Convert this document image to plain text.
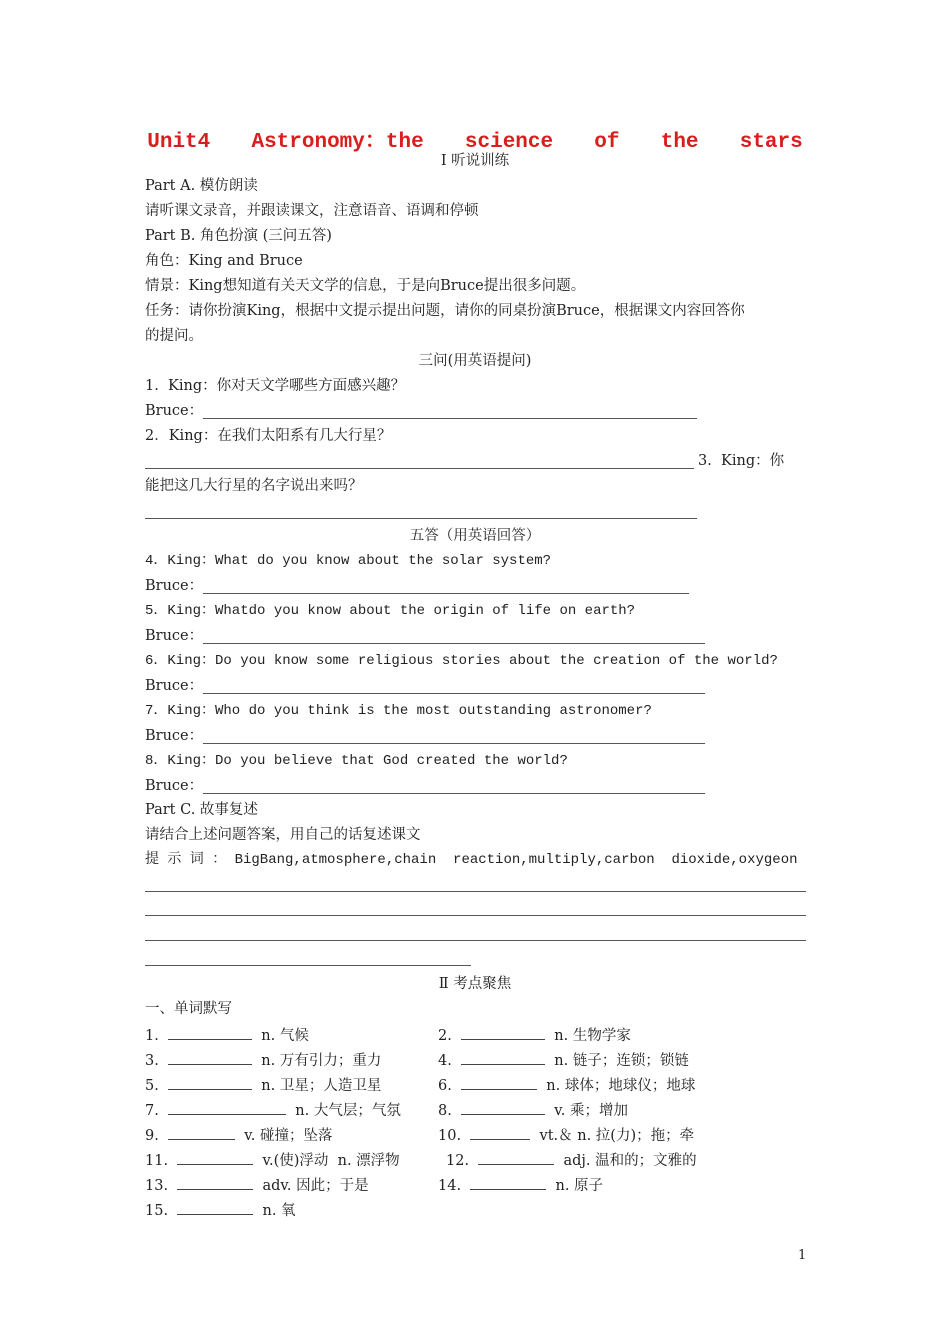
Unit4  Astronomy：the  science  of  the  stars
I 听说训练
Part A. 模仿朗读
请听课文录音，并跟读课文，注意语音、语调和停顿
Part B. 角色扮演 (三问五答)
角色：King and Bruce
情景：King想知道有关天文学的信息，于是向Bruce提出很多问题。
任务：请你扮演King，根据中文提示提出问题，请你的同桌扮演Bruce，根据课文内容回答你
的提问。
三问(用英语提问)
1.  King：你对天文学哪些方面感兴趣？
Bruce：
2．King：在我们太阳系有几大行星？
3.  King：你
能把这几大行星的名字说出来吗？
五答（用英语回答）
4．King：What do you know about the solar system?
Bruce：
5．King：Whatdo you know about the origin of life on earth?
Bruce：
6．King：Do you know some religious stories about the creation of the world?
Bruce：
7．King：Who do you think is the most outstanding astronomer?
Bruce：
8．King：Do you believe that God created the world?
Bruce：
Part C. 故事复述
请结合上述问题答案，用自己的话复述课文
提 示 词 ： BigBang,atmosphere,chain  reaction,multiply,carbon  dioxide,oxygeon
Ⅱ 考点聚焦
一、单词默写
1.	n. 气候	2.	n. 生物学家
3.	n. 万有引力；重力	4.	n. 链子；连锁；锁链
5.	n. 卫星；人造卫星	6.	n. 球体；地球仪；地球
7.	n. 大气层；气氛	8.	v. 乘；增加
9.	v. 碰撞；坠落	10.	vt.＆ n. 拉(力)；拖；牵
11.	v.(使)浮动  n. 漂浮物	12.	adj. 温和的；文雅的
13.	adv. 因此；于是	14.	n. 原子
15.	n. 氧
1
